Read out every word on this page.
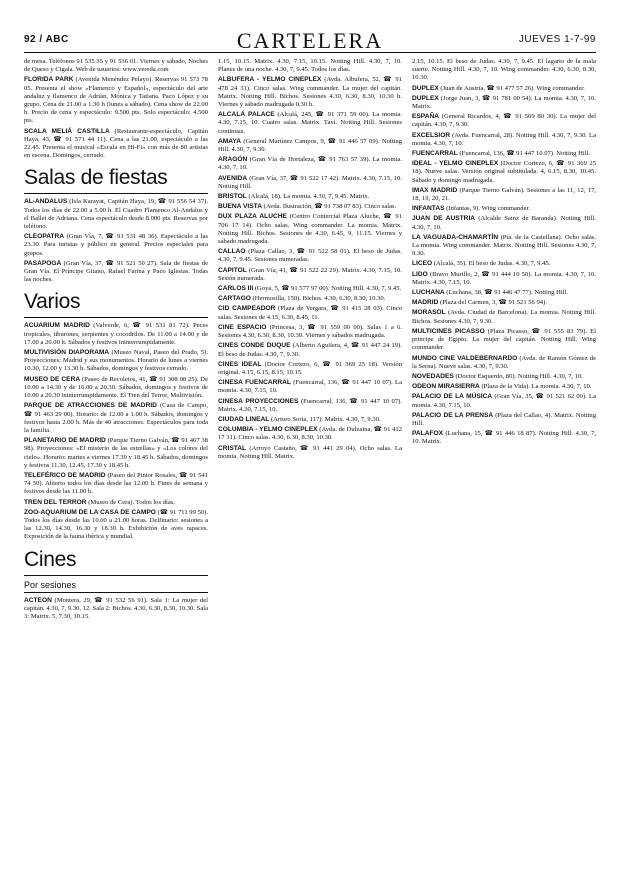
92 / ABC	CARTELERA	JUEVES 1-7-99

de mesa. Teléfonos 91 535 35 y 91 536 01. Viernes y sábado, Noches de Queso y Cigala. Web de usuarios: www.vereda.com

FLORIDA PARK (Avenida Menéndez Pelayo). Reservas 91 573 78 05. Presenta el show «Flamenco y Español», espectáculo del arte andaluz y flamenco de Adrián, Mónica y Tatiana. Paco López y su grupo. Cena de 21.00 a 1.30 h (lunes a sábado). Cena show de 22.00 h. Precio de cena y espectáculo: 9.500 pts. Solo espectáculo: 4.500 pts.

SCALA MELIÁ CASTILLA (Restaurante-espectáculo, Capitán Haya, 43, ☎ 91 571 44 11). Cena a las 21.00, espectáculo a las 22.45. Presenta el musical «Escala en Hi-Fi» con más de 80 artistas en escena. Domingos, cerrado.

Salas de fiestas

AL-ANDALUS (Isla Karayat, Capitán Haya, 19, ☎ 91 556 54 37). Todos los días de 22.00 a 5.00 h. El Cuadro Flamenco Al-Andalus y el Ballet de Adriana. Cena espectáculo desde 8.000 pts. Reservas por teléfono.

CLEOPATRA (Gran Vía, 7, ☎ 91 531 48 36). Espectáculo a las 23.30. Para turistas y público en general. Precios especiales para grupos.

PASAPOGA (Gran Vía, 37, ☎ 91 521 50 27). Sala de fiestas de Gran Vía. El Príncipe Gitano, Rafael Farina y Paco Iglesias. Todas las noches.

Varios

ACUARIUM MADRID (Valverde, 6, ☎ 91 531 81 72). Peces tropicales, tiburones, serpientes y cocodrilos. De 11.00 a 14.00 y de 17.00 a 20.00 h. Sábados y festivos ininterrumpidamente.

MULTIVISIÓN DIAPORAMA (Museo Naval, Paseo del Prado, 5). Proyecciones: Madrid y sus monumentos. Horario de lunes a viernes 10.30, 12.00 y 13.30 h. Sábados, domingos y festivos cerrado.

MUSEO DE CERA (Paseo de Recoletos, 41, ☎ 91 308 08 25). De 10.00 a 14.30 y de 16.00 a 20.30. Sábados, domingos y festivos de 10.00 a 20.30 ininterrumpidamente. El Tren del Terror, Multivisión.

PARQUE DE ATRACCIONES DE MADRID (Casa de Campo, ☎ 91 463 29 00). Horario: de 12.00 a 1.00 h. Sábados, domingos y festivos hasta 2.00 h. Más de 40 atracciones. Espectáculos para toda la familia.

PLANETARIO DE MADRID (Parque Tierno Galván, ☎ 91 467 38 98). Proyecciones: «El misterio de las estrellas» y «Los colores del cielo». Horario: martes a viernes 17.30 y 18.45 h. Sábados, domingos y festivos 11.30, 12.45, 17.30 y 18.45 h.

TELEFÉRICO DE MADRID (Paseo del Pintor Rosales, ☎ 91 541 74 50). Abierto todos los días desde las 12.00 h. Fines de semana y festivos desde las 11.00 h.

TREN DEL TERROR (Museo de Cera). Todos los días.

ZOO-AQUARIUM DE LA CASA DE CAMPO (☎ 91 711 99 50). Todos los días desde las 10.00 a 21.00 horas. Delfinario: sesiones a las 12.30, 14.30, 16.30 y 18.30 h. Exhibición de aves rapaces. Exposición de la fauna ibérica y mundial.

Cines
Por sesiones

ACTEON (Montera, 29, ☎ 91 532 56 91). Sala 1: La mujer del capitán. 4.30, 7, 9.30, 12. Sala 2: Bichos. 4.30, 6.30, 8.30, 10.30. Sala 3: Matrix. 5, 7.30, 10.15.

1.15, 10.15. Matrix. 4.30, 7.15, 10.15. Notting Hill. 4.30, 7, 10. Planes de una noche. 4.30, 7, 9.45. Todos los días.

ALBUFERA - YELMO CINEPLEX (Avda. Albufera, 52, ☎ 91 478 24 31). Cinco salas. Wing commander. La mujer del capitán. Matrix. Notting Hill. Bichos. Sesiones 4.30, 6.30, 8.30, 10.30 h. Viernes y sábado madrugada 0.30 h.

ALCALÁ PALACE (Alcalá, 245, ☎ 91 371 59 00). La momia. 4.30, 7.15, 10. Cuatro salas. Matrix. Taxi. Notting Hill. Sesiones continuas.

AMAYA (General Martínez Campos, 9, ☎ 91 446 57 09). Notting Hill. 4.30, 7, 9.30.

ARAGÓN (Gran Vía de Hortaleza, ☎ 91 763 57 39). La momia. 4.30, 7, 10.

AVENIDA (Gran Vía, 37, ☎ 91 522 17 42). Matrix. 4.30, 7.15, 10. Notting Hill.

BRISTOL (Alcalá, 18). La momia. 4.30, 7, 9.45. Matrix.

BUENA VISTA (Avda. Ilustración, ☎ 91 738 07 83). Cinco salas.

DUX PLAZA ALUCHE (Centro Comercial Plaza Aluche, ☎ 91 706 17 14). Ocho salas. Wing commander. La momia. Matrix. Notting Hill. Bichos. Sesiones de 4.30, 6.45, 9, 11.15. Viernes y sábado madrugada.

CALLAO (Plaza Callao, 3, ☎ 91 522 58 01). El beso de Judas. 4.30, 7, 9.45. Sesiones numeradas.

CAPITOL (Gran Vía, 41, ☎ 91 522 22 29). Matrix. 4.30, 7.15, 10. Sesión numerada.

CARLOS III (Goya, 5, ☎ 91 577 97 00). Notting Hill. 4.30, 7, 9.45.

CARTAGO (Hermosilla, 150). Bichos. 4.30, 6.30, 8.30, 10.30.

CID CAMPEADOR (Plaza de Vergara, ☎ 91 415 28 03). Cinco salas. Sesiones de 4.15, 6.30, 8.45, 11.

CINE ESPACIO (Princesa, 3, ☎ 91 559 00 00). Salas 1 a 6. Sesiones 4.30, 6.30, 8.30, 10.30. Viernes y sábados madrugada.

CINES CONDE DUQUE (Alberto Aguilera, 4, ☎ 91 447 24 19). El beso de Judas. 4.30, 7, 9.30.

CINES IDEAL (Doctor Cortezo, 6, ☎ 91 369 25 18). Versión original. 4.15, 6.15, 8.15, 10.15.

CINESA FUENCARRAL (Fuencarral, 136, ☎ 91 447 10 07). La momia. 4.30, 7.15, 10.

CINESA PROYECCIONES (Fuencarral, 136, ☎ 91 447 10 07). Matrix. 4.30, 7.15, 10.

CIUDAD LINEAL (Arturo Soria, 117). Matrix. 4.30, 7, 9.30.

COLUMBIA - YELMO CINEPLEX (Avda. de Dulzaina, ☎ 91 412 17 31). Cinco salas. 4.30, 6.30, 8.30, 10.30.

CRISTAL (Arroyo Castaño, ☎ 91 441 29 04). Ocho salas. La momia. Notting Hill. Matrix.

2.15, 10.15. El beso de Judas. 4.30, 7, 9.45. El lagarto de la mala suerte. Notting Hill. 4.30, 7, 10. Wing commander. 4.30, 6.30, 8.30, 10.30.

DUPLEX (Juan de Austria, ☎ 91 477 57 26). Wing commander.

DUPLEX (Jorge Juan, 3, ☎ 91 781 00 54). La momia. 4.30, 7, 10. Matrix.

ESPAÑA (General Ricardos, 4, ☎ 91 569 80 30). La mujer del capitán. 4.30, 7, 9.30.

EXCELSIOR (Avda. Fuencarral, 28). Notting Hill. 4.30, 7, 9.30. La momia. 4.30, 7, 10.

FUENCARRAL (Fuencarral, 136, ☎ 91 447 10 07). Notting Hill.

IDEAL - YELMO CINEPLEX (Doctor Cortezo, 6, ☎ 91 369 25 18). Nueve salas. Versión original subtitulada. 4, 6.15, 8.30, 10.45. Sábado y domingo madrugada.

IMAX MADRID (Parque Tierno Galván). Sesiones a las 11, 12, 17, 18, 19, 20, 21.

INFANTAS (Infantas, 9). Wing commander.

JUAN DE AUSTRIA (Alcalde Sainz de Baranda). Notting Hill. 4.30, 7, 10.

LA VAGUADA-CHAMARTÍN (Pta. de la Castellana). Ocho salas. La momia. Wing commander. Matrix. Notting Hill. Sesiones 4.30, 7, 9.30.

LICEO (Alcalá, 35). El beso de Judas. 4.30, 7, 9.45.

LIDO (Bravo Murillo, 2, ☎ 91 444 10 50). La momia. 4.30, 7, 10. Matrix. 4.30, 7.15, 10.

LUCHANA (Luchana, 38, ☎ 91 446 47 77). Notting Hill.

MADRID (Plaza del Carmen, 3, ☎ 91 521 56 94).

MORASOL (Avda. Ciudad de Barcelona). La momia. Notting Hill. Bichos. Sesiones 4.30, 7, 9.30.

MULTICINES PICASSO (Plaza Picasso, ☎ 91 555 83 79). El principe de Egipto. La mujer del capitán. Notting Hill. Wing commander.

MUNDO CINE VALDEBERNARDO (Avda. de Ramón Gómez de la Serna). Nueve salas. 4.30, 7, 9.30.

NOVEDADES (Doctor Esquerdo, 80). Notting Hill. 4.30, 7, 10.

ODEON MIRASIERRA (Plaza de la Vida). La momia. 4.30, 7, 10.

PALACIO DE LA MÚSICA (Gran Vía, 35, ☎ 91 521 62 09). La momia. 4.30, 7.15, 10.

PALACIO DE LA PRENSA (Plaza del Callao, 4). Matrix. Notting Hill.

PALAFOX (Luchana, 15, ☎ 91 446 18 87). Notting Hill. 4.30, 7, 10. Matrix.
